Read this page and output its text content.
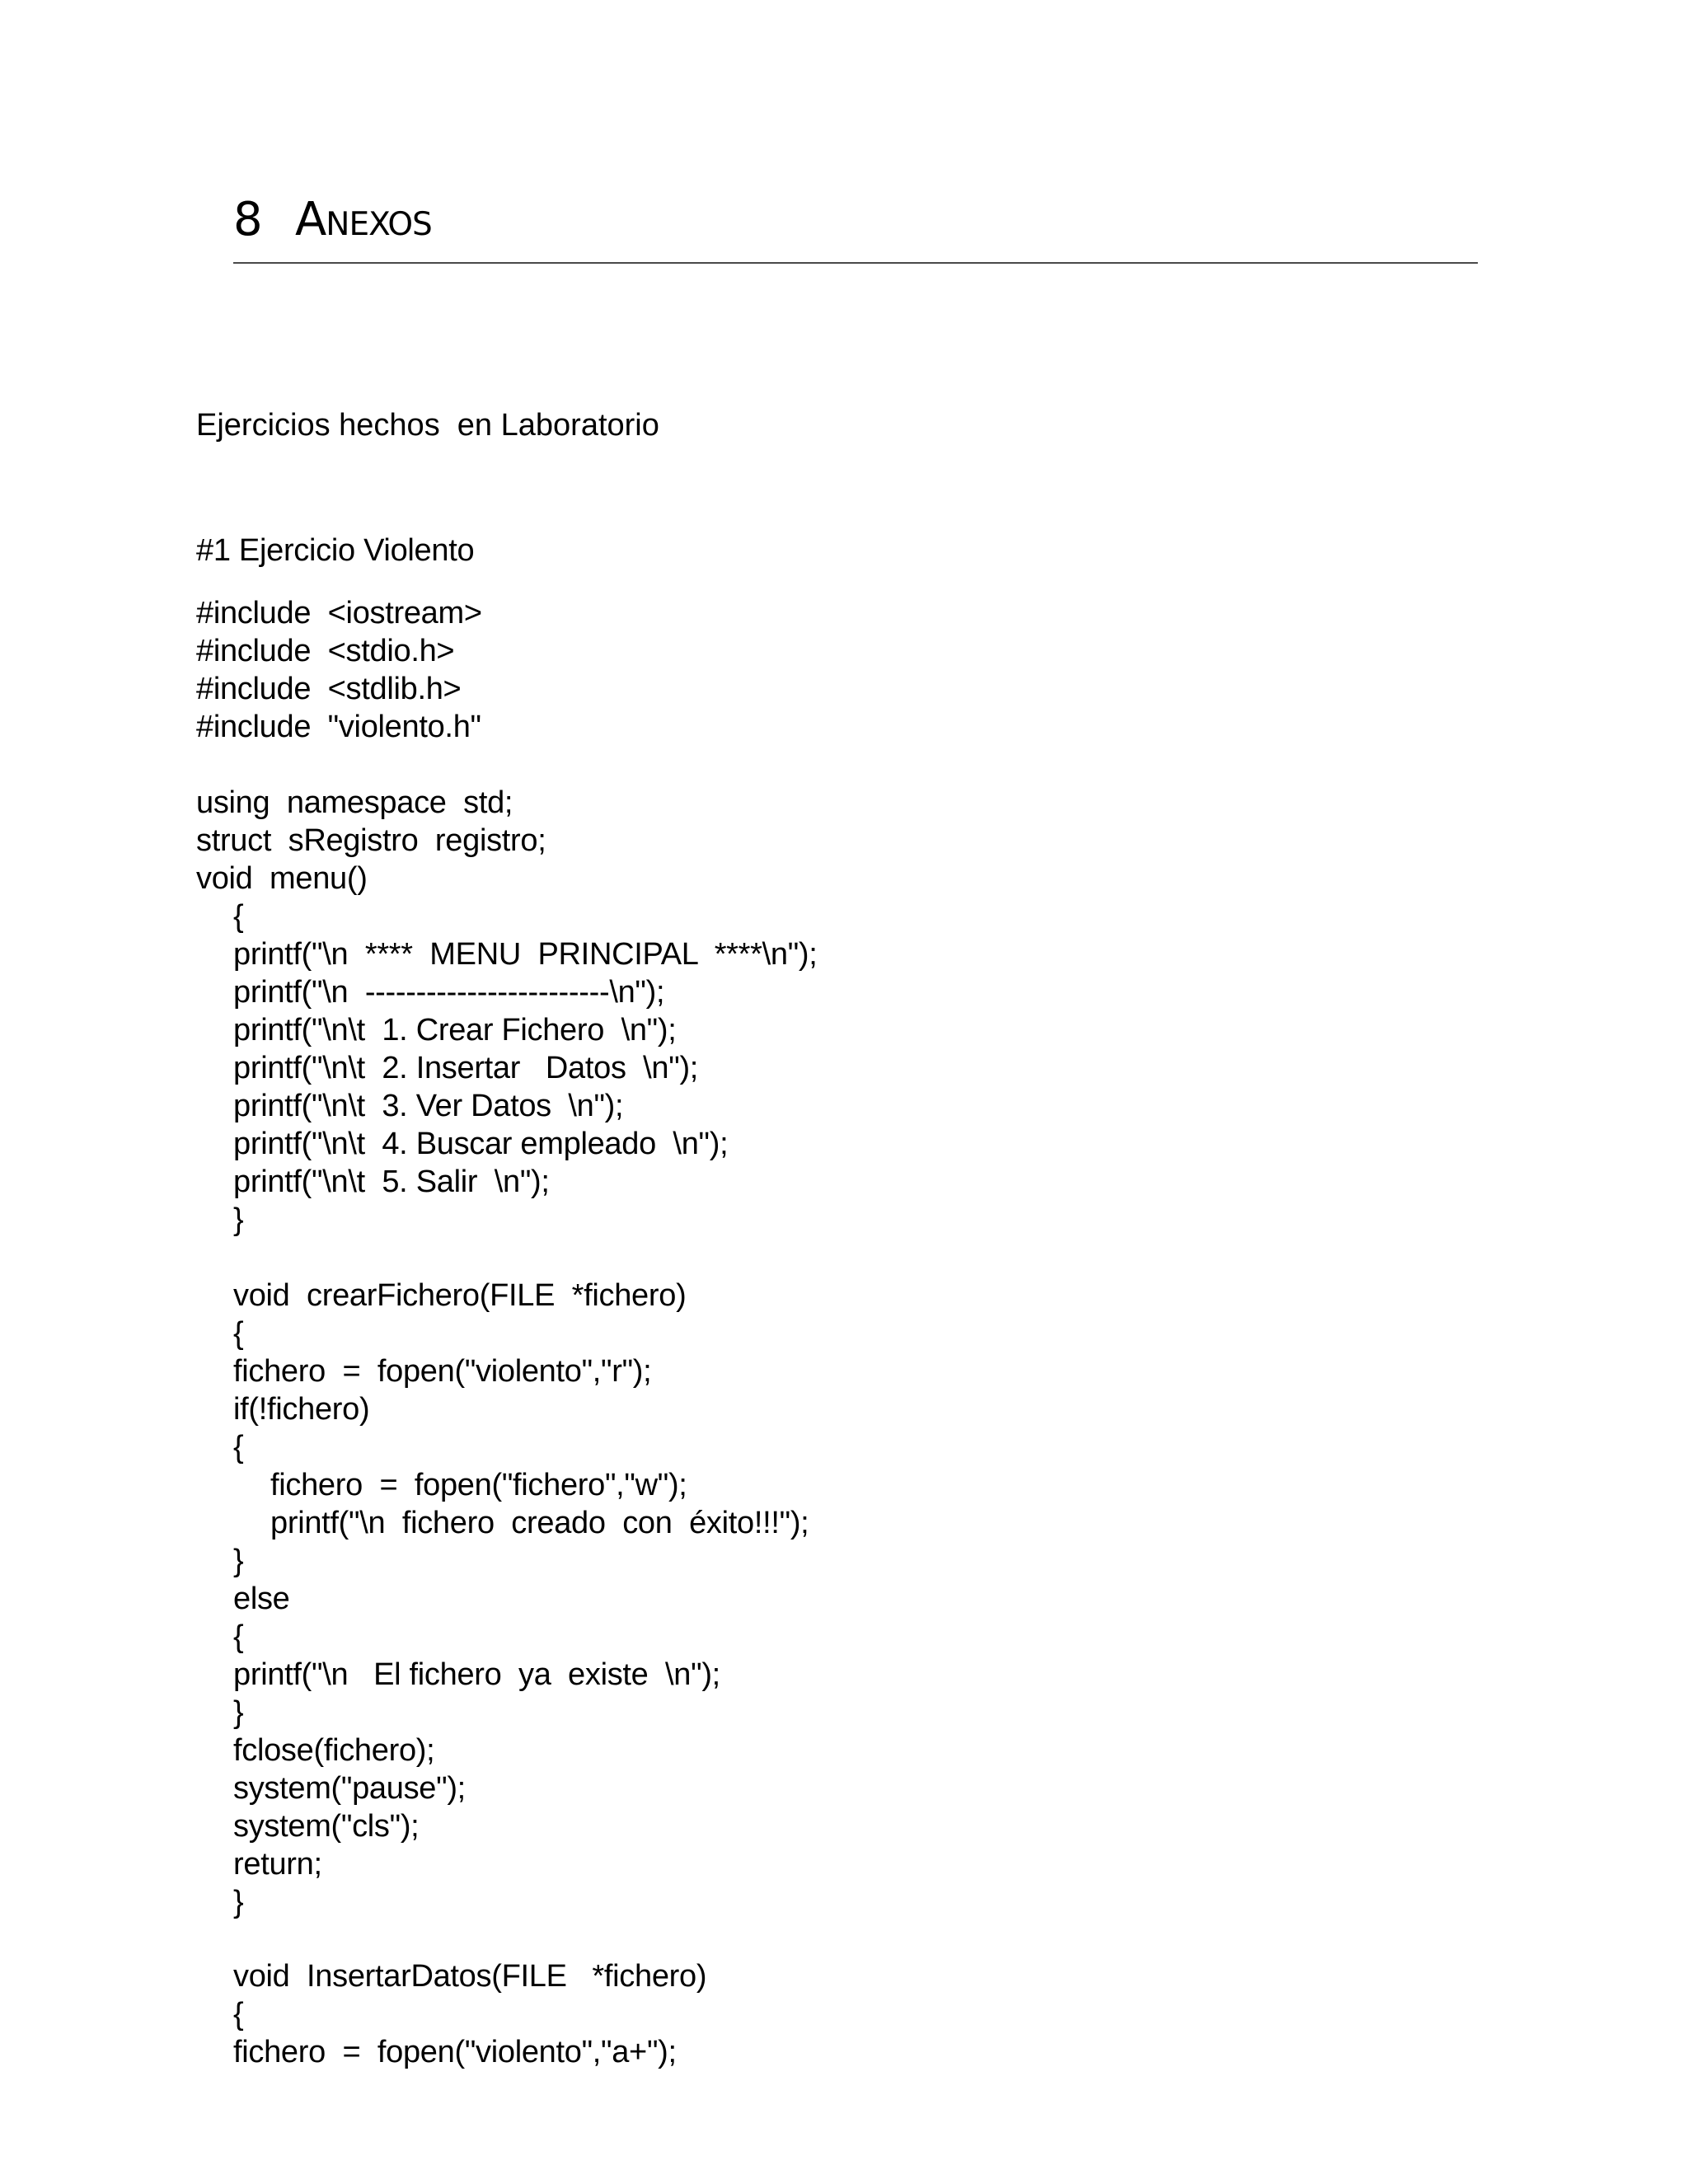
8 Anexos
Ejercicios hechos  en Laboratorio
#1 Ejercicio Violento
#include  <iostream>
#include  <stdio.h>
#include  <stdlib.h>
#include  "violento.h"
using  namespace  std;
struct  sRegistro  registro;
void  menu()
{
printf("\n  ****  MENU  PRINCIPAL  ****\n");
printf("\n  ------------------------\n");
printf("\n\t  1. Crear Fichero  \n");
printf("\n\t  2. Insertar   Datos  \n");
printf("\n\t  3. Ver Datos  \n");
printf("\n\t  4. Buscar empleado  \n");
printf("\n\t  5. Salir  \n");
}
void  crearFichero(FILE  *fichero)
{
fichero  =  fopen("violento","r");
if(!fichero)
{
fichero  =  fopen("fichero","w");
printf("\n  fichero  creado  con  éxito!!!");
}
else
{
printf("\n   El fichero  ya  existe  \n");
}
fclose(fichero);
system("pause");
system("cls");
return;
}
void  InsertarDatos(FILE   *fichero)
{
fichero  =  fopen("violento","a+");
